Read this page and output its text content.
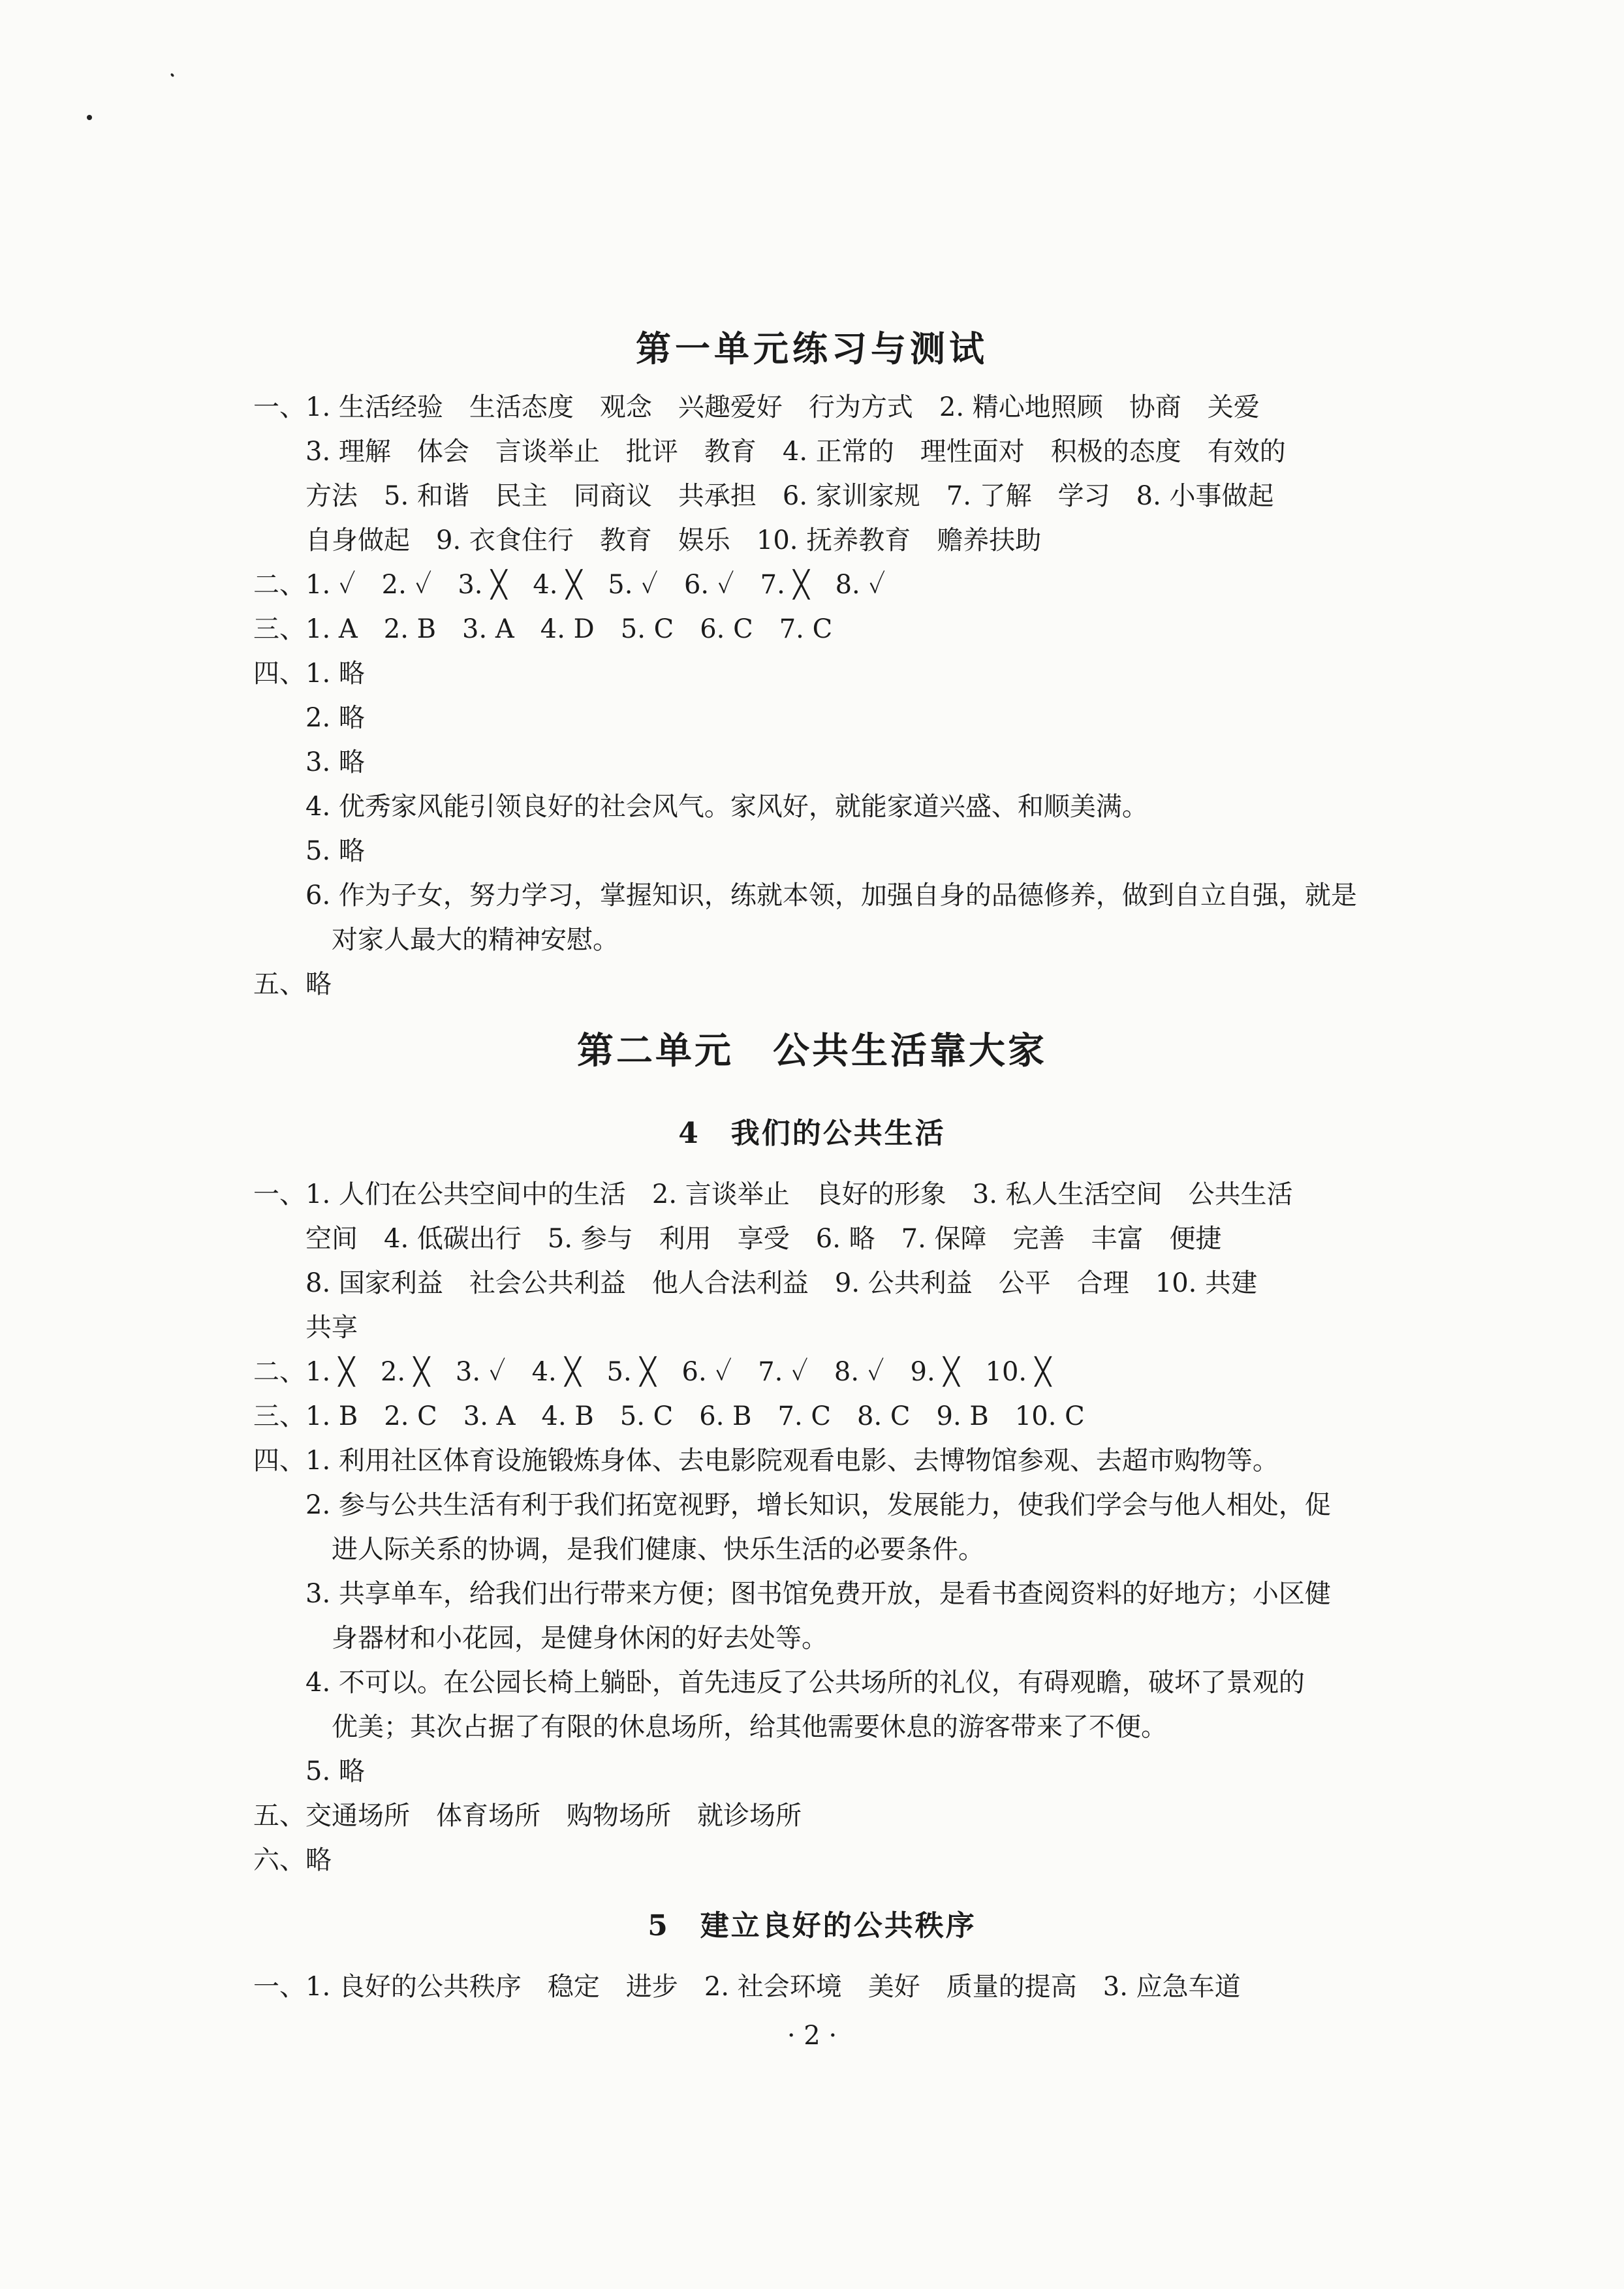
第一单元练习与测试
一、 1. 生活经验　生活态度　观念　兴趣爱好　行为方式　2. 精心地照顾　协商　关爱
3. 理解　体会　言谈举止　批评　教育　4. 正常的　理性面对　积极的态度　有效的
方法　5. 和谐　民主　同商议　共承担　6. 家训家规　7. 了解　学习　8. 小事做起
自身做起　9. 衣食住行　教育　娱乐　10. 抚养教育　赡养扶助
二、1. ✓　2. ✓　3. ╳　4. ╳　5. ✓　6. ✓　7. ╳　8. ✓
三、1. A　2. B　3. A　4. D　5. C　6. C　7. C
四、 1. 略
2. 略
3. 略
4. 优秀家风能引领良好的社会风气。家风好，就能家道兴盛、和顺美满。
5. 略
6. 作为子女，努力学习，掌握知识，练就本领，加强自身的品德修养，做到自立自强，就是
对家人最大的精神安慰。
五、略
第二单元　公共生活靠大家
4　我们的公共生活
一、 1. 人们在公共空间中的生活　2. 言谈举止　良好的形象　3. 私人生活空间　公共生活
空间　4. 低碳出行　5. 参与　利用　享受　6. 略　7. 保障　完善　丰富　便捷
8. 国家利益　社会公共利益　他人合法利益　9. 公共利益　公平　合理　10. 共建
共享
二、1. ╳　2. ╳　3. ✓　4. ╳　5. ╳　6. ✓　7. ✓　8. ✓　9. ╳　10. ╳
三、1. B　2. C　3. A　4. B　5. C　6. B　7. C　8. C　9. B　10. C
四、 1. 利用社区体育设施锻炼身体、去电影院观看电影、去博物馆参观、去超市购物等。
2. 参与公共生活有利于我们拓宽视野，增长知识，发展能力，使我们学会与他人相处，促
进人际关系的协调，是我们健康、快乐生活的必要条件。
3. 共享单车，给我们出行带来方便；图书馆免费开放，是看书查阅资料的好地方；小区健
身器材和小花园，是健身休闲的好去处等。
4. 不可以。在公园长椅上躺卧，首先违反了公共场所的礼仪，有碍观瞻，破坏了景观的
优美；其次占据了有限的休息场所，给其他需要休息的游客带来了不便。
5. 略
五、交通场所　体育场所　购物场所　就诊场所
六、略
5　建立良好的公共秩序
一、1. 良好的公共秩序　稳定　进步　2. 社会环境　美好　质量的提高　3. 应急车道
· 2 ·
